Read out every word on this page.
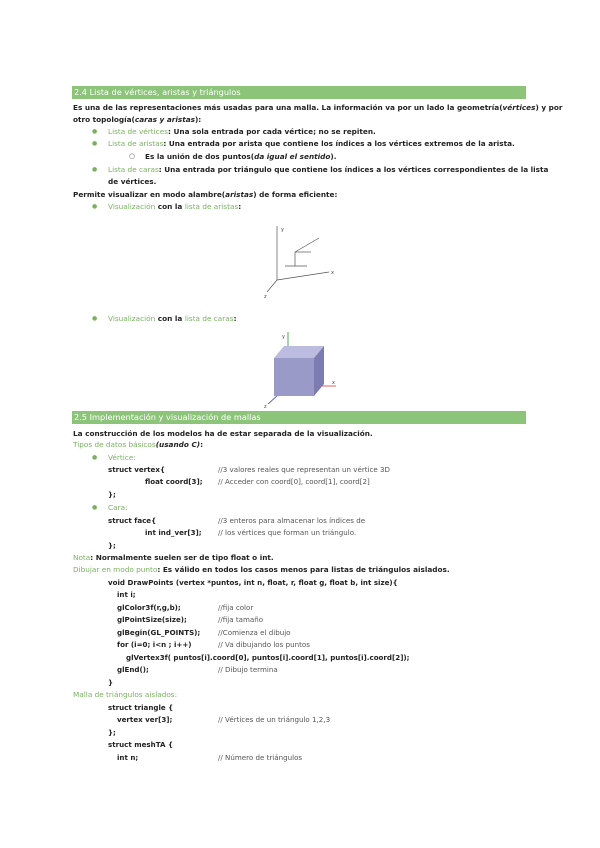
2.4 Lista de vértices, aristas y triángulos
Es una de las representaciones más usadas para una malla. La información va por un lado la geometría(vértices) y por
otro topología(caras y aristas):
● Lista de vértices: Una sola entrada por cada vértice; no se repiten.
● Lista de aristas: Una entrada por arista que contiene los índices a los vértices extremos de la arista.
○ Es la unión de dos puntos(da igual el sentido).
● Lista de caras: Una entrada por triángulo que contiene los índices a los vértices correspondientes de la lista
de vértices.
Permite visualizar en modo alambre(aristas) de forma eficiente:
● Visualización con la lista de aristas:
y
x
z
● Visualización con la lista de caras:
y
x
z
2.5 Implementación y visualización de mallas
La construcción de los modelos ha de estar separada de la visualización.
Tipos de datos básicos(usando C):
● Vértice:
struct vertex{	//3 valores reales que representan un vértice 3D
float coord[3]; // Acceder con coord[0], coord[1], coord[2]
};
● Cara:
struct face{	//3 enteros para almacenar los índices de
int ind_ver[3]; // los vértices que forman un triángulo.
};
Nota: Normalmente suelen ser de tipo float o int.
Dibujar en modo punto: Es válido en todos los casos menos para listas de triángulos aislados.
void DrawPoints (vertex *puntos, int n, float, r, float g, float b, int size){
int i;
glColor3f(r,g,b);	//fija color
glPointSize(size);	//fija tamaño
glBegin(GL_POINTS); //Comienza el dibujo
for (i=0; i<n ; i++)	// Va dibujando los puntos
glVertex3f( puntos[i].coord[0], puntos[i].coord[1], puntos[i].coord[2]);
glEnd();	// Dibujo termina
}
Malla de triángulos aislados:
struct triangle {
vertex ver[3];	// Vértices de un triángulo 1,2,3
};
struct meshTA {
int n;	// Número de triángulos
